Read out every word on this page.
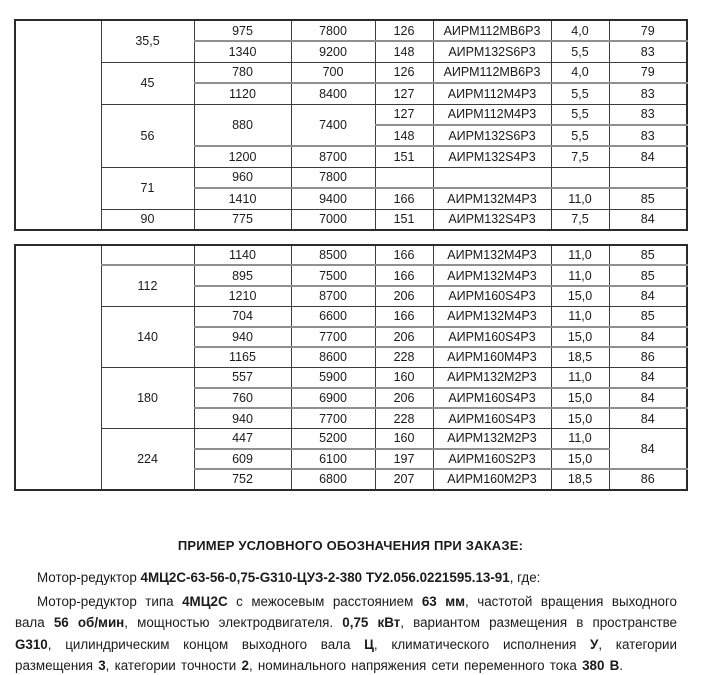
	35,5	975	7800	126	АИРМ112МВ6Р3	4,0	79
		1340	9200	148	АИРМ132S6Р3	5,5	83
	45	780	700	126	АИРМ112МВ6Р3	4,0	79
		1120	8400	127	АИРМ112М4Р3	5,5	83
	56	880	7400	127	АИРМ112М4Р3	5,5	83
				148	АИРМ132S6Р3	5,5	83
		1200	8700	151	АИРМ132S4Р3	7,5	84
	71	960	7800				
		1410	9400	166	АИРМ132М4Р3	11,0	85
	90	775	7000	151	АИРМ132S4Р3	7,5	84
		1140	8500	166	АИРМ132М4Р3	11,0	85
	112	895	7500	166	АИРМ132М4Р3	11,0	85
		1210	8700	206	АИРМ160S4Р3	15,0	84
	140	704	6600	166	АИРМ132М4Р3	11,0	85
		940	7700	206	АИРМ160S4Р3	15,0	84
		1165	8600	228	АИРМ160М4Р3	18,5	86
	180	557	5900	160	АИРМ132М2Р3	11,0	84
		760	6900	206	АИРМ160S4Р3	15,0	84
		940	7700	228	АИРМ160S4Р3	15,0	84
	224	447	5200	160	АИРМ132М2Р3	11,0	84
		609	6100	197	АИРМ160S2Р3	15,0	
		752	6800	207	АИРМ160М2Р3	18,5	86
ПРИМЕР УСЛОВНОГО ОБОЗНАЧЕНИЯ ПРИ ЗАКАЗЕ:
Мотор-редуктор 4МЦ2С-63-56-0,75-G310-ЦУЗ-2-380 ТУ2.056.0221595.13-91, где:
Мотор-редуктор типа 4МЦ2С с межосевым расстоянием 63 мм, частотой вращения выходного вала 56 об/мин, мощностью электродвигателя. 0,75 кВт, вариантом размещения в пространстве G310, цилиндрическим концом выходного вала Ц, климатического исполнения У, категории размещения 3, категории точности 2, номинального напряжения сети переменного тока 380 В.
